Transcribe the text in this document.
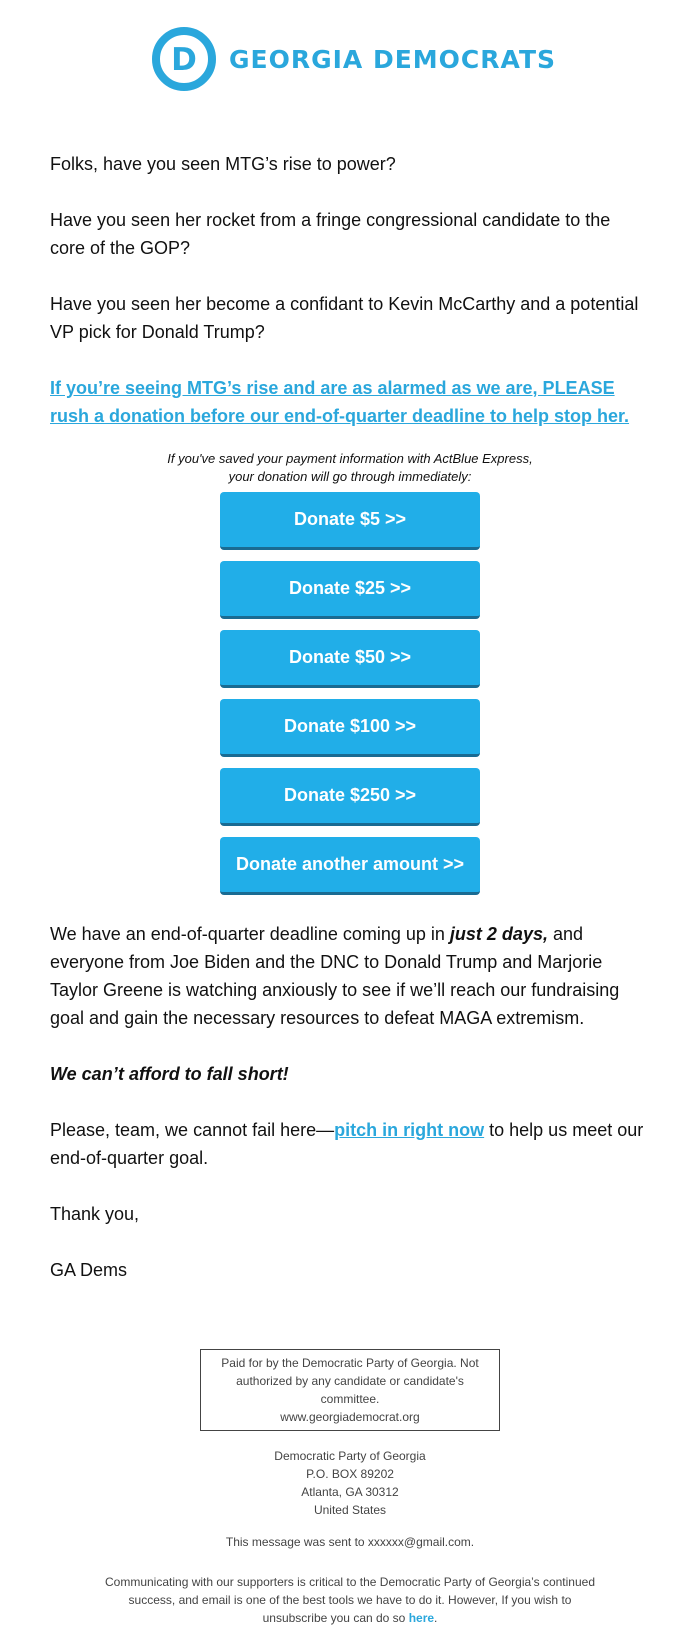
D GEORGIA DEMOCRATS

Folks, have you seen MTG’s rise to power?

Have you seen her rocket from a fringe congressional candidate to the core of the GOP?

Have you seen her become a confidant to Kevin McCarthy and a potential VP pick for Donald Trump?

If you’re seeing MTG’s rise and are as alarmed as we are, PLEASE rush a donation before our end-of-quarter deadline to help stop her.

If you've saved your payment information with ActBlue Express,
your donation will go through immediately:
Donate $5 >>
Donate $25 >>
Donate $50 >>
Donate $100 >>
Donate $250 >>
Donate another amount >>

We have an end-of-quarter deadline coming up in just 2 days, and everyone from Joe Biden and the DNC to Donald Trump and Marjorie Taylor Greene is watching anxiously to see if we’ll reach our fundraising goal and gain the necessary resources to defeat MAGA extremism.

We can’t afford to fall short!

Please, team, we cannot fail here—pitch in right now to help us meet our end-of-quarter goal.

Thank you,

GA Dems

Paid for by the Democratic Party of Georgia. Not authorized by any candidate or candidate's committee.
www.georgiademocrat.org
Democratic Party of Georgia
P.O. BOX 89202
Atlanta, GA 30312
United States
This message was sent to xxxxxx@gmail.com.
Communicating with our supporters is critical to the Democratic Party of Georgia’s continued success, and email is one of the best tools we have to do it. However, If you wish to unsubscribe you can do so here.
